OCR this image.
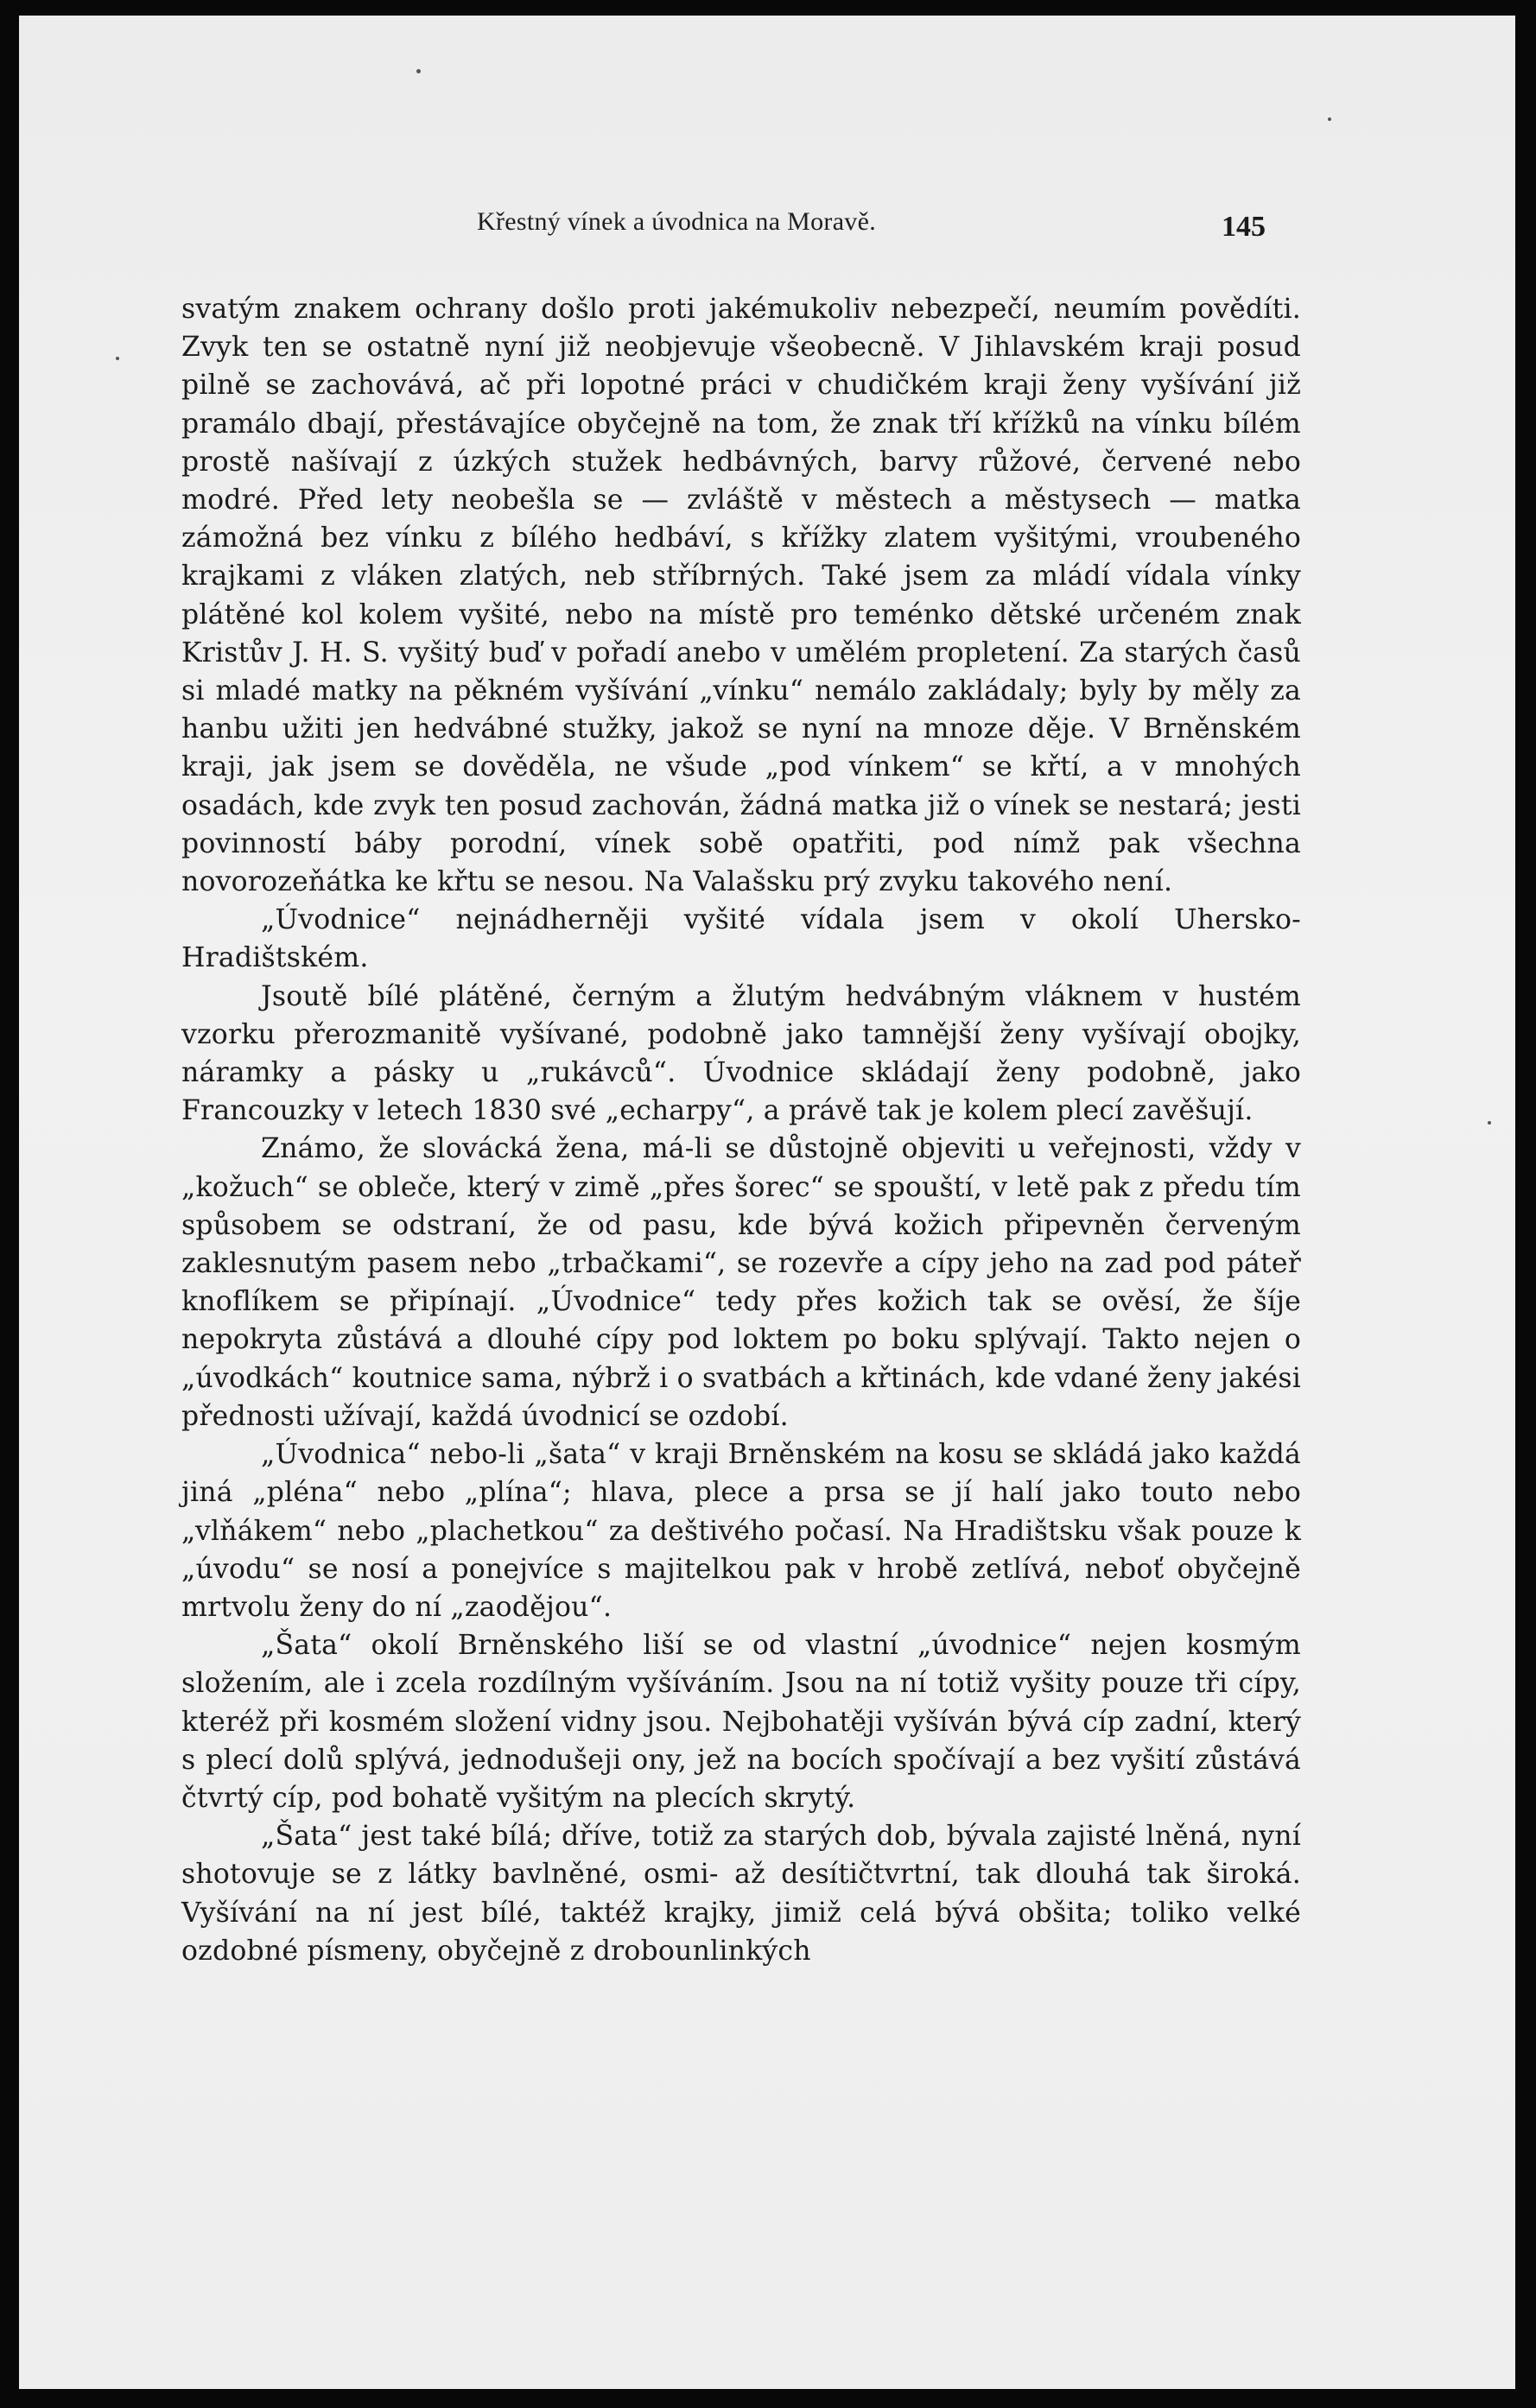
Křestný vínek a úvodnica na Moravě.	145

svatým znakem ochrany došlo proti jakémukoliv nebezpečí, neumím povědíti. Zvyk ten se ostatně nyní již neobjevuje všeobecně. V Jihlavském kraji posud pilně se zachovává, ač při lopotné práci v chudičkém kraji ženy vyšívání již pramálo dbají, přestávajíce obyčejně na tom, že znak tří křížků na vínku bílém prostě našívají z úzkých stužek hedbávných, barvy růžové, červené nebo modré. Před lety neobešla se — zvláště v městech a městysech — matka zámožná bez vínku z bílého hedbáví, s křížky zlatem vyšitými, vroubeného krajkami z vláken zlatých, neb stříbrných. Také jsem za mládí vídala vínky plátěné kol kolem vyšité, nebo na místě pro teménko dětské určeném znak Kristův J. H. S. vyšitý buď v pořadí anebo v umělém propletení. Za starých časů si mladé matky na pěkném vyšívání „vínku“ nemálo zakládaly; byly by měly za hanbu užiti jen hedvábné stužky, jakož se nyní na mnoze děje. V Brněnském kraji, jak jsem se dověděla, ne všude „pod vínkem“ se křtí, a v mnohých osadách, kde zvyk ten posud zachován, žádná matka již o vínek se nestará; jesti povinností báby porodní, vínek sobě opatřiti, pod nímž pak všechna novorozeňátka ke křtu se nesou. Na Valašsku prý zvyku takového není.

„Úvodnice“ nejnádherněji vyšité vídala jsem v okolí Uhersko-Hradištském.

Jsoutě bílé plátěné, černým a žlutým hedvábným vláknem v hustém vzorku přerozmanitě vyšívané, podobně jako tamnější ženy vyšívají obojky, náramky a pásky u „rukávců“. Úvodnice skládají ženy podobně, jako Francouzky v letech 1830 své „echarpy“, a právě tak je kolem plecí zavěšují.

Známo, že slovácká žena, má-li se důstojně objeviti u veřejnosti, vždy v „kožuch“ se obleče, který v zimě „přes šorec“ se spouští, v letě pak z předu tím spůsobem se odstraní, že od pasu, kde bývá kožich připevněn červeným zaklesnutým pasem nebo „trbačkami“, se rozevře a cípy jeho na zad pod páteř knoflíkem se připínají. „Úvodnice“ tedy přes kožich tak se ověsí, že šíje nepokryta zůstává a dlouhé cípy pod loktem po boku splývají. Takto nejen o „úvodkách“ koutnice sama, nýbrž i o svatbách a křtinách, kde vdané ženy jakési přednosti užívají, každá úvodnicí se ozdobí.

„Úvodnica“ nebo-li „šata“ v kraji Brněnském na kosu se skládá jako každá jiná „pléna“ nebo „plína“; hlava, plece a prsa se jí halí jako touto nebo „vlňákem“ nebo „plachetkou“ za deštivého počasí. Na Hradištsku však pouze k „úvodu“ se nosí a ponejvíce s majitelkou pak v hrobě zetlívá, neboť obyčejně mrtvolu ženy do ní „zaodějou“.

„Šata“ okolí Brněnského liší se od vlastní „úvodnice“ nejen kosmým složením, ale i zcela rozdílným vyšíváním. Jsou na ní totiž vyšity pouze tři cípy, kteréž při kosmém složení vidny jsou. Nejbohatěji vyšíván bývá cíp zadní, který s plecí dolů splývá, jednodušeji ony, jež na bocích spočívají a bez vyšití zůstává čtvrtý cíp, pod bohatě vyšitým na plecích skrytý.

„Šata“ jest také bílá; dříve, totiž za starých dob, bývala zajisté lněná, nyní shotovuje se z látky bavlněné, osmi- až desítičtvrtní, tak dlouhá tak široká. Vyšívání na ní jest bílé, taktéž krajky, jimiž celá bývá obšita; toliko velké ozdobné písmeny, obyčejně z drobounlinkých
